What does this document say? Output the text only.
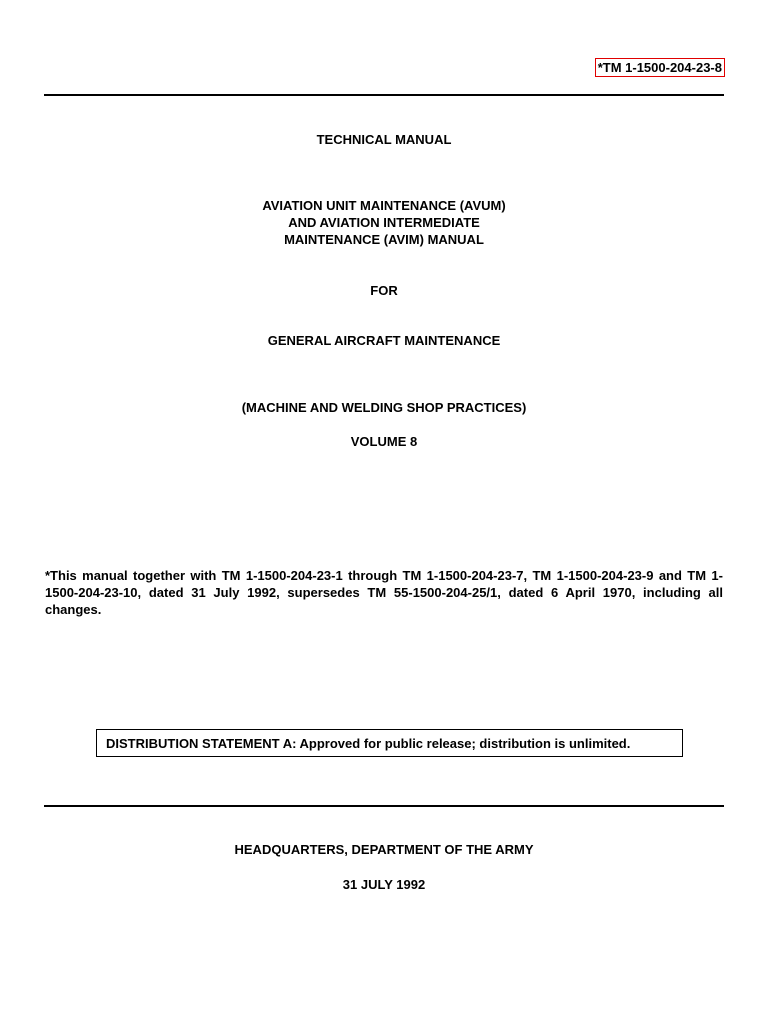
*TM 1-1500-204-23-8
TECHNICAL MANUAL
AVIATION UNIT MAINTENANCE (AVUM)
AND AVIATION INTERMEDIATE
MAINTENANCE (AVIM) MANUAL
FOR
GENERAL AIRCRAFT MAINTENANCE
(MACHINE AND WELDING SHOP PRACTICES)
VOLUME 8
*This manual together with TM 1-1500-204-23-1 through TM 1-1500-204-23-7, TM 1-1500-204-23-9 and TM 1-1500-204-23-10, dated 31 July 1992, supersedes TM 55-1500-204-25/1, dated 6 April 1970, including all changes.
DISTRIBUTION STATEMENT A: Approved for public release; distribution is unlimited.
HEADQUARTERS, DEPARTMENT OF THE ARMY
31 JULY 1992
